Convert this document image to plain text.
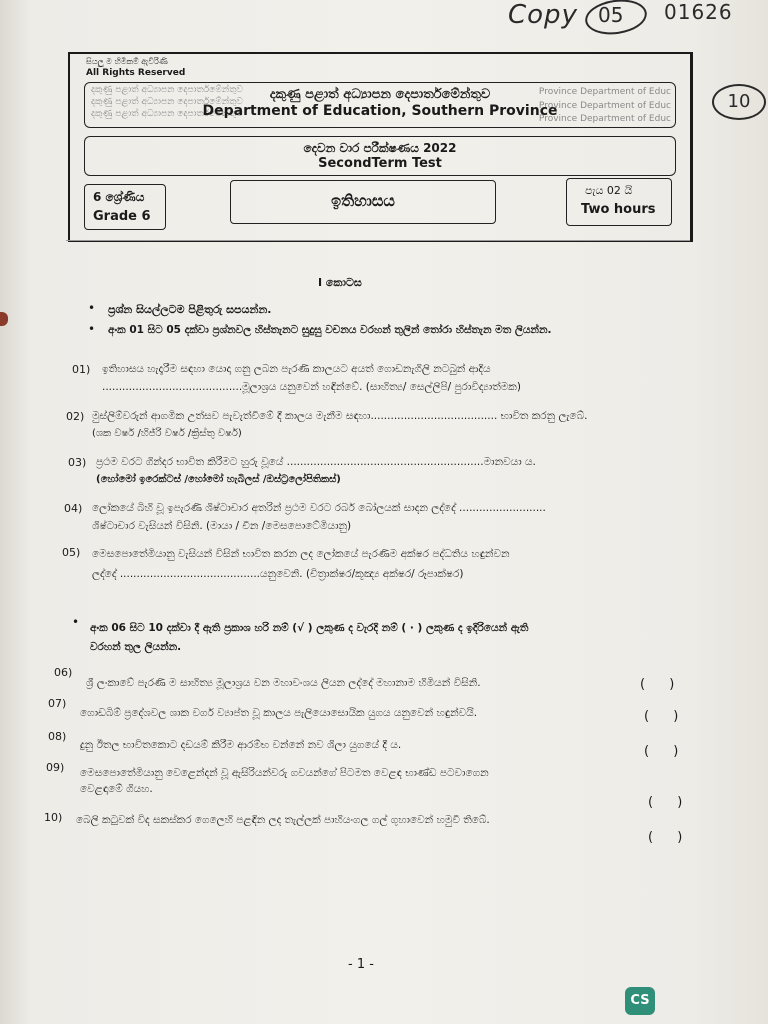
Copy 05 01626
10
සියලු ම හිමිකම් ඇවිරිණි
All Rights Reserved
දකුණු පළාත් අධ්‍යාපන දෙපාර්තමේන්තුව
දකුණු පළාත් අධ්‍යාපන දෙපාර්තමේන්තුව
දකුණු පළාත් අධ්‍යාපන දෙපාර්තමේන්තුව
Province Department of Educ
Province Department of Educ
Province Department of Educ
දකුණු පළාත් අධ්‍යාපන දෙපාර්තමේන්තුව
Department of Education, Southern Province
දෙවන වාර පරීක්ෂණය 2022
SecondTerm Test
6 ශ්‍රේණිය
Grade 6
ඉතිහාසය
පැය 02 යි
Two hours
I කොටස
• ප්‍රශ්න සියල්ලටම පිළිතුරු සපයන්න.
• අංක 01 සිට 05 දක්වා ප්‍රශ්නවල හිස්තැනට සුදුසු වචනය වරහන් තුලින් තෝරා හිස්තැන මත ලියන්න.
01) ඉතිහාසය හැදෑරීම සඳහා යොදා ගනු ලබන පැරණි කාලයට අයත් ගොඩනැගිලි නටබුන් ආදිය
..........................................මූලාශ්‍රය යනුවෙන් හඳින්වේ. (සාහිත්‍ය/ සෙල්ලිපි/ පුරාවිද්‍යාත්මක)
02) මුස්ලිම්වරුන් ආගමික උත්සව පැවැත්වීමේ දී කාලය මැනීම සඳහා...................................... භාවිත කරනු ලැබේ.
(ශක වර්ෂ /හිජ්රි වර්ෂ /ක්‍රිස්තු වර්ෂ)
03) ප්‍රථම වරට ගින්දර භාවිත කිරීමට හුරු වූයේ ...........................................................මානවයා ය.
(හෝමෝ ඉරෙක්ටස් /හෝමෝ හැබිලස් /ඔස්ට්‍රලෝපිතිකස්)
04) ලෝකයේ බිහි වූ ඉපැරණි ශිෂ්ටාචාර අතරින් ප්‍රථම වරට රබර් බෝලයක් සාදන ලද්දේ ..........................
ශිෂ්ටාචාර වැසියන් විසිනි. (මායා / චීන /මෙසපොටේමියානු)
05) මෙසපොතේමියානු වැසියන් විසින් භාවිත කරන ලද ලෝකයේ පැරණිම අක්ෂර පද්ධතිය හඳුන්වන
ලද්දේ ..........................................යනුවෙනි. (චිත්‍රාක්ෂර/කූඤ්‍ය අක්ෂර/ රූපාක්ෂර)
• අංක 06 සිට 10 දක්වා දී ඇති ප්‍රකාශ හරි නම් (√ ) ලකුණ ද වැරදි නම් ( · ) ලකුණ ද ඉදිරියෙන් ඇති
වරහන් තුල ලියන්න.
06)
ශ්‍රී ලංකාවේ පැරණි ම සාහිත්‍ය මූලාශ්‍රය වන මහාවංශය ලියන ලද්දේ මහානාම හිමියන් විසිනි.	( )
07)
ගොඩබිම් ප්‍රදේශවල ශාක වර්ග ව්‍යාප්ත වූ කාලය පැලියොසොයික යුගය යනුවෙන් හඳුන්වයි.	( )
08)
දුනු ඊතල භාවිතකොට දඩයම් කිරීම ආරම්භ වන්නේ නව ශිලා යුගයේ දී ය.	( )
09) මෙසපොතේමියානු වෙළෙන්දන් වූ ඇසිරියන්වරු ගවයන්ගේ පිටමත වෙළඳ භාණ්ඩ පටවාගෙන
වෙළඳාමේ ගියහ.
( )
10) බෙලි කටුවක් විද සකස්කර ගෙලෙහි පළඳින ලද තැල්ලක් පාහියංගල ගල් ගුහාවෙන් හමුවී තිබේ.
( )
- 1 -
CS
